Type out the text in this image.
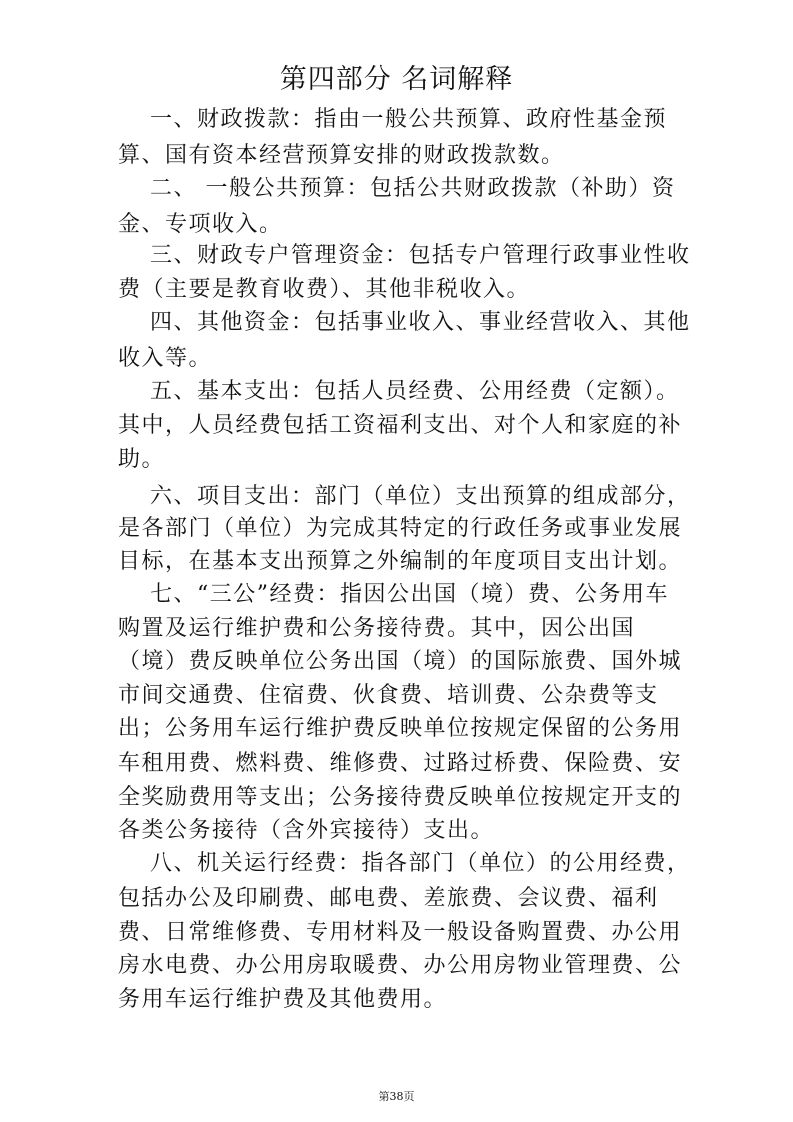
第四部分 名词解释
一、财政拨款：指由一般公共预算、政府性基金预
算、国有资本经营预算安排的财政拨款数。
二、 一般公共预算：包括公共财政拨款（补助）资
金、专项收入。
三、财政专户管理资金：包括专户管理行政事业性收
费（主要是教育收费）、其他非税收入。
四、其他资金：包括事业收入、事业经营收入、其他
收入等。
五、基本支出：包括人员经费、公用经费（定额）。
其中，人员经费包括工资福利支出、对个人和家庭的补
助。
六、项目支出：部门（单位）支出预算的组成部分，
是各部门（单位）为完成其特定的行政任务或事业发展
目标，在基本支出预算之外编制的年度项目支出计划。
七、“三公”经费：指因公出国（境）费、公务用车
购置及运行维护费和公务接待费。其中，因公出国
（境）费反映单位公务出国（境）的国际旅费、国外城
市间交通费、住宿费、伙食费、培训费、公杂费等支
出；公务用车运行维护费反映单位按规定保留的公务用
车租用费、燃料费、维修费、过路过桥费、保险费、安
全奖励费用等支出；公务接待费反映单位按规定开支的
各类公务接待（含外宾接待）支出。
八、机关运行经费：指各部门（单位）的公用经费，
包括办公及印刷费、邮电费、差旅费、会议费、福利
费、日常维修费、专用材料及一般设备购置费、办公用
房水电费、办公用房取暖费、办公用房物业管理费、公
务用车运行维护费及其他费用。
第38页
